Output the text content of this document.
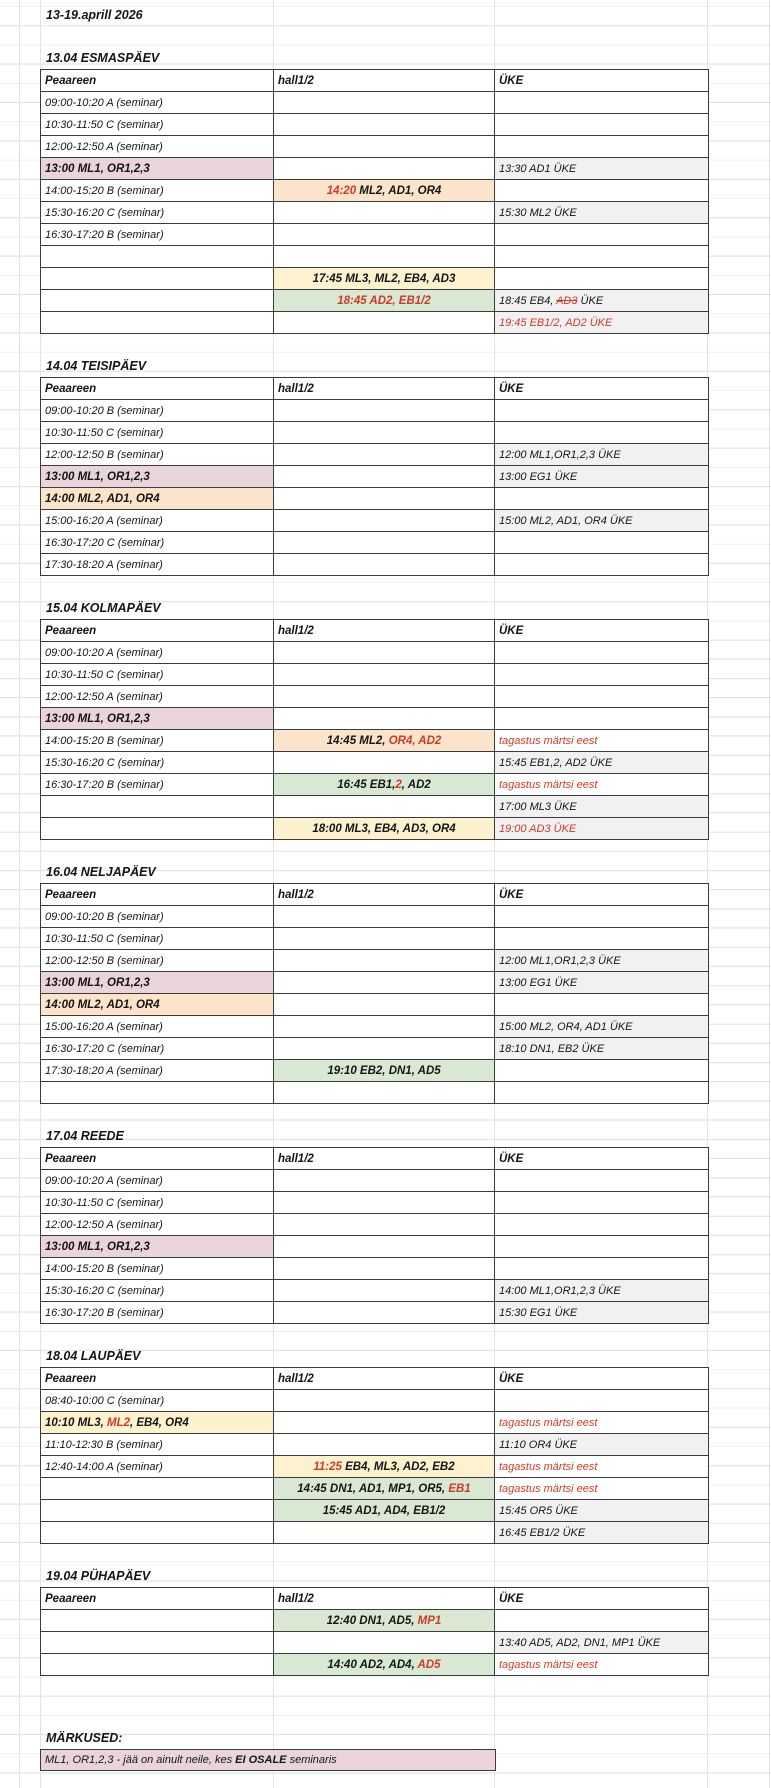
13-19.aprill 2026
13.04 ESMASPÄEV
Peaareen	hall1/2	ÜKE
09:00-10:20 A (seminar)		
10:30-11:50 C (seminar)		
12:00-12:50 A (seminar)		
13:00 ML1, OR1,2,3		13:30 AD1 ÜKE
14:00-15:20 B (seminar)	14:20 ML2, AD1, OR4	
15:30-16:20 C (seminar)		15:30 ML2 ÜKE
16:30-17:20 B (seminar)		

	17:45 ML3, ML2, EB4, AD3	
	18:45 AD2, EB1/2	18:45 EB4, AD3 ÜKE
		19:45 EB1/2, AD2 ÜKE
14.04 TEISIPÄEV
Peaareen	hall1/2	ÜKE
09:00-10:20 B (seminar)		
10:30-11:50 C (seminar)		
12:00-12:50 B (seminar)		12:00 ML1,OR1,2,3 ÜKE
13:00 ML1, OR1,2,3		13:00 EG1 ÜKE
14:00 ML2, AD1, OR4		
15:00-16:20 A (seminar)		15:00 ML2, AD1, OR4 ÜKE
16:30-17:20 C (seminar)		
17:30-18:20 A (seminar)		
15.04 KOLMAPÄEV
Peaareen	hall1/2	ÜKE
09:00-10:20 A (seminar)		
10:30-11:50 C (seminar)		
12:00-12:50 A (seminar)		
13:00 ML1, OR1,2,3		
14:00-15:20 B (seminar)	14:45 ML2, OR4, AD2	tagastus märtsi eest
15:30-16:20 C (seminar)		15:45 EB1,2, AD2 ÜKE
16:30-17:20 B (seminar)	16:45 EB1,2, AD2	tagastus märtsi eest
		17:00 ML3 ÜKE
	18:00 ML3, EB4, AD3, OR4	19:00 AD3 ÜKE
16.04 NELJAPÄEV
Peaareen	hall1/2	ÜKE
09:00-10:20 B (seminar)		
10:30-11:50 C (seminar)		
12:00-12:50 B (seminar)		12:00 ML1,OR1,2,3 ÜKE
13:00 ML1, OR1,2,3		13:00 EG1 ÜKE
14:00 ML2, AD1, OR4		
15:00-16:20 A (seminar)		15:00 ML2, OR4, AD1 ÜKE
16:30-17:20 C (seminar)		18:10 DN1, EB2 ÜKE
17:30-18:20 A (seminar)	19:10 EB2, DN1, AD5	

17.04 REEDE
Peaareen	hall1/2	ÜKE
09:00-10:20 A (seminar)		
10:30-11:50 C (seminar)		
12:00-12:50 A (seminar)		
13:00 ML1, OR1,2,3		
14:00-15:20 B (seminar)		
15:30-16:20 C (seminar)		14:00 ML1,OR1,2,3 ÜKE
16:30-17:20 B (seminar)		15:30 EG1 ÜKE
18.04 LAUPÄEV
Peaareen	hall1/2	ÜKE
08:40-10:00 C (seminar)		
10:10 ML3, ML2, EB4, OR4		tagastus märtsi eest
11:10-12:30 B (seminar)		11:10 OR4 ÜKE
12:40-14:00 A (seminar)	11:25 EB4, ML3, AD2, EB2	tagastus märtsi eest
	14:45 DN1, AD1, MP1, OR5, EB1	tagastus märtsi eest
	15:45 AD1, AD4, EB1/2	15:45 OR5 ÜKE
		16:45 EB1/2 ÜKE
19.04 PÜHAPÄEV
Peaareen	hall1/2	ÜKE
	12:40 DN1, AD5, MP1	
		13:40 AD5, AD2, DN1, MP1 ÜKE
	14:40 AD2, AD4, AD5	tagastus märtsi eest
MÄRKUSED:
ML1, OR1,2,3 - jää on ainult neile, kes EI OSALE seminaris
